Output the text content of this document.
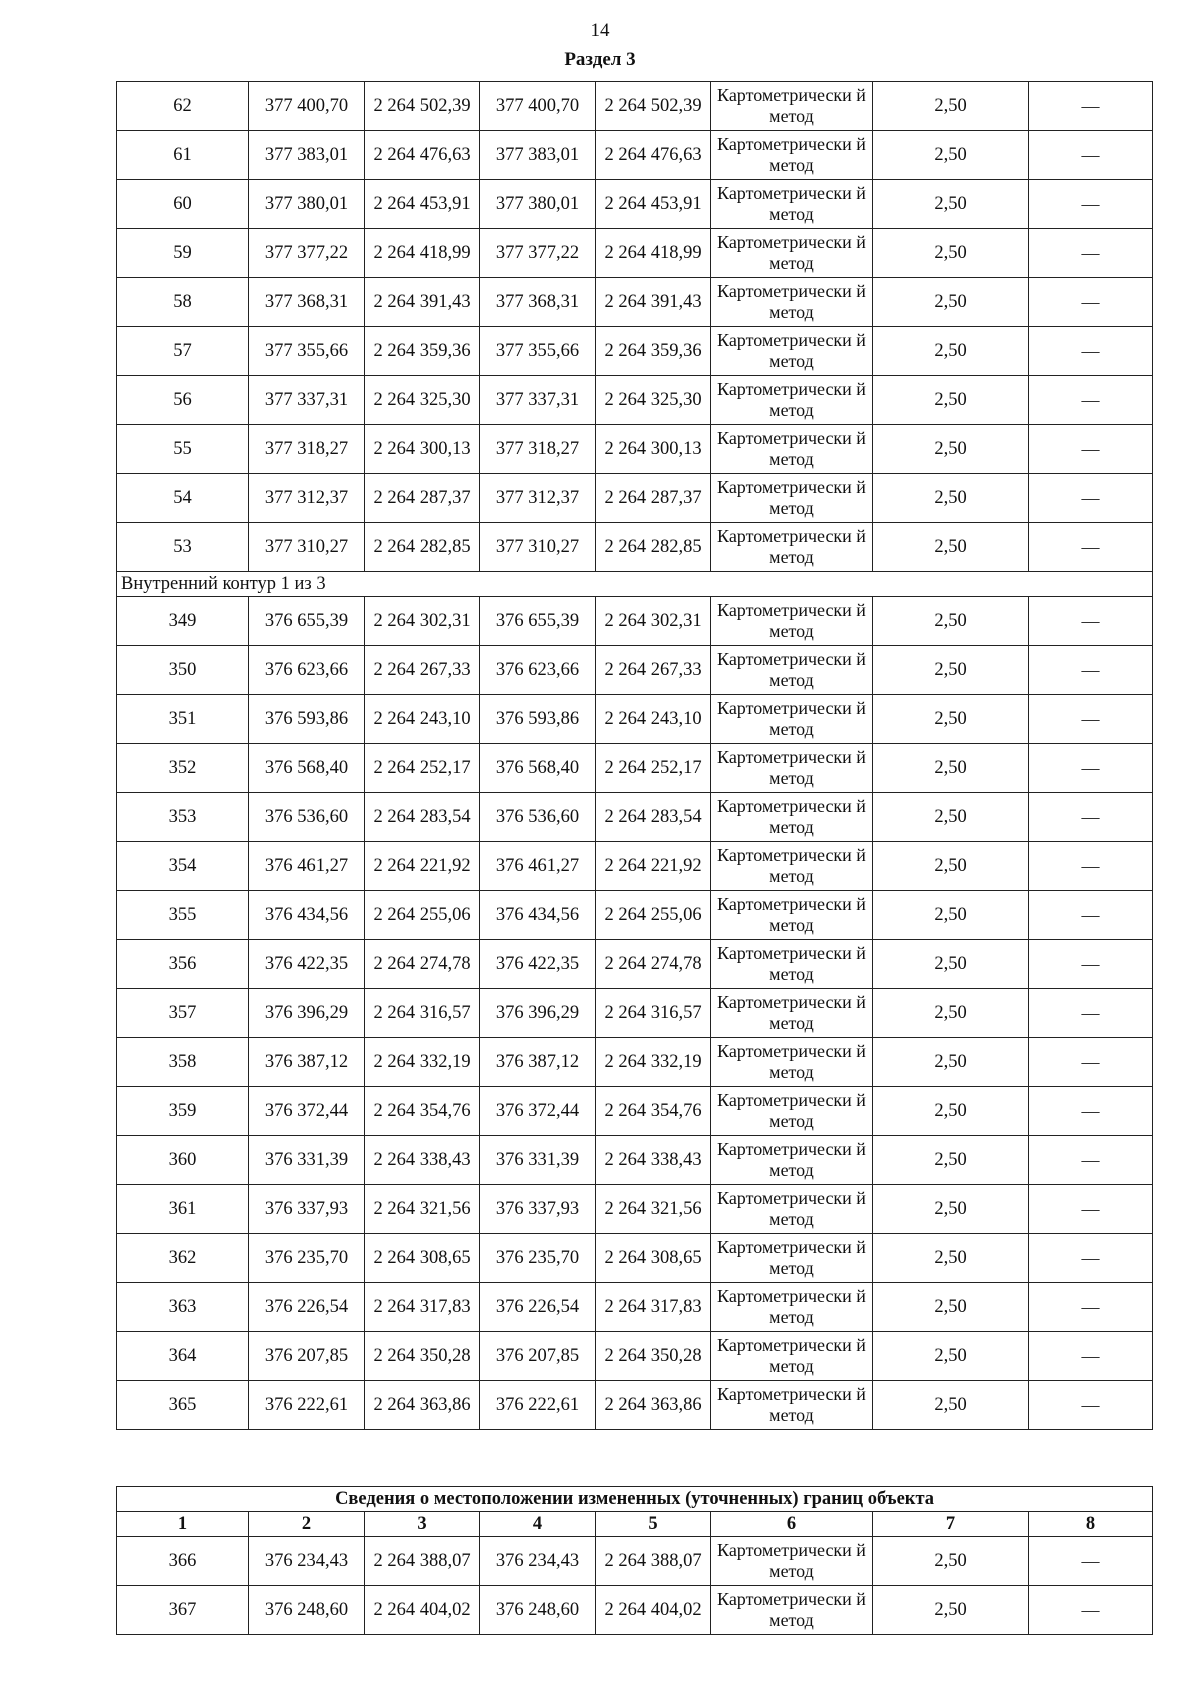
14
Раздел 3
62	377 400,70	2 264 502,39	377 400,70	2 264 502,39	Картометрически й метод	2,50	—
61	377 383,01	2 264 476,63	377 383,01	2 264 476,63	Картометрически й метод	2,50	—
60	377 380,01	2 264 453,91	377 380,01	2 264 453,91	Картометрически й метод	2,50	—
59	377 377,22	2 264 418,99	377 377,22	2 264 418,99	Картометрически й метод	2,50	—
58	377 368,31	2 264 391,43	377 368,31	2 264 391,43	Картометрически й метод	2,50	—
57	377 355,66	2 264 359,36	377 355,66	2 264 359,36	Картометрически й метод	2,50	—
56	377 337,31	2 264 325,30	377 337,31	2 264 325,30	Картометрически й метод	2,50	—
55	377 318,27	2 264 300,13	377 318,27	2 264 300,13	Картометрически й метод	2,50	—
54	377 312,37	2 264 287,37	377 312,37	2 264 287,37	Картометрически й метод	2,50	—
53	377 310,27	2 264 282,85	377 310,27	2 264 282,85	Картометрически й метод	2,50	—
Внутренний контур 1 из 3							
349	376 655,39	2 264 302,31	376 655,39	2 264 302,31	Картометрически й метод	2,50	—
350	376 623,66	2 264 267,33	376 623,66	2 264 267,33	Картометрически й метод	2,50	—
351	376 593,86	2 264 243,10	376 593,86	2 264 243,10	Картометрически й метод	2,50	—
352	376 568,40	2 264 252,17	376 568,40	2 264 252,17	Картометрически й метод	2,50	—
353	376 536,60	2 264 283,54	376 536,60	2 264 283,54	Картометрически й метод	2,50	—
354	376 461,27	2 264 221,92	376 461,27	2 264 221,92	Картометрически й метод	2,50	—
355	376 434,56	2 264 255,06	376 434,56	2 264 255,06	Картометрически й метод	2,50	—
356	376 422,35	2 264 274,78	376 422,35	2 264 274,78	Картометрически й метод	2,50	—
357	376 396,29	2 264 316,57	376 396,29	2 264 316,57	Картометрически й метод	2,50	—
358	376 387,12	2 264 332,19	376 387,12	2 264 332,19	Картометрически й метод	2,50	—
359	376 372,44	2 264 354,76	376 372,44	2 264 354,76	Картометрически й метод	2,50	—
360	376 331,39	2 264 338,43	376 331,39	2 264 338,43	Картометрически й метод	2,50	—
361	376 337,93	2 264 321,56	376 337,93	2 264 321,56	Картометрически й метод	2,50	—
362	376 235,70	2 264 308,65	376 235,70	2 264 308,65	Картометрически й метод	2,50	—
363	376 226,54	2 264 317,83	376 226,54	2 264 317,83	Картометрически й метод	2,50	—
364	376 207,85	2 264 350,28	376 207,85	2 264 350,28	Картометрически й метод	2,50	—
365	376 222,61	2 264 363,86	376 222,61	2 264 363,86	Картометрически й метод	2,50	—
Сведения о местоположении измененных (уточненных) границ объекта							
1	2	3	4	5	6	7	8
366	376 234,43	2 264 388,07	376 234,43	2 264 388,07	Картометрически й метод	2,50	—
367	376 248,60	2 264 404,02	376 248,60	2 264 404,02	Картометрически й метод	2,50	—
